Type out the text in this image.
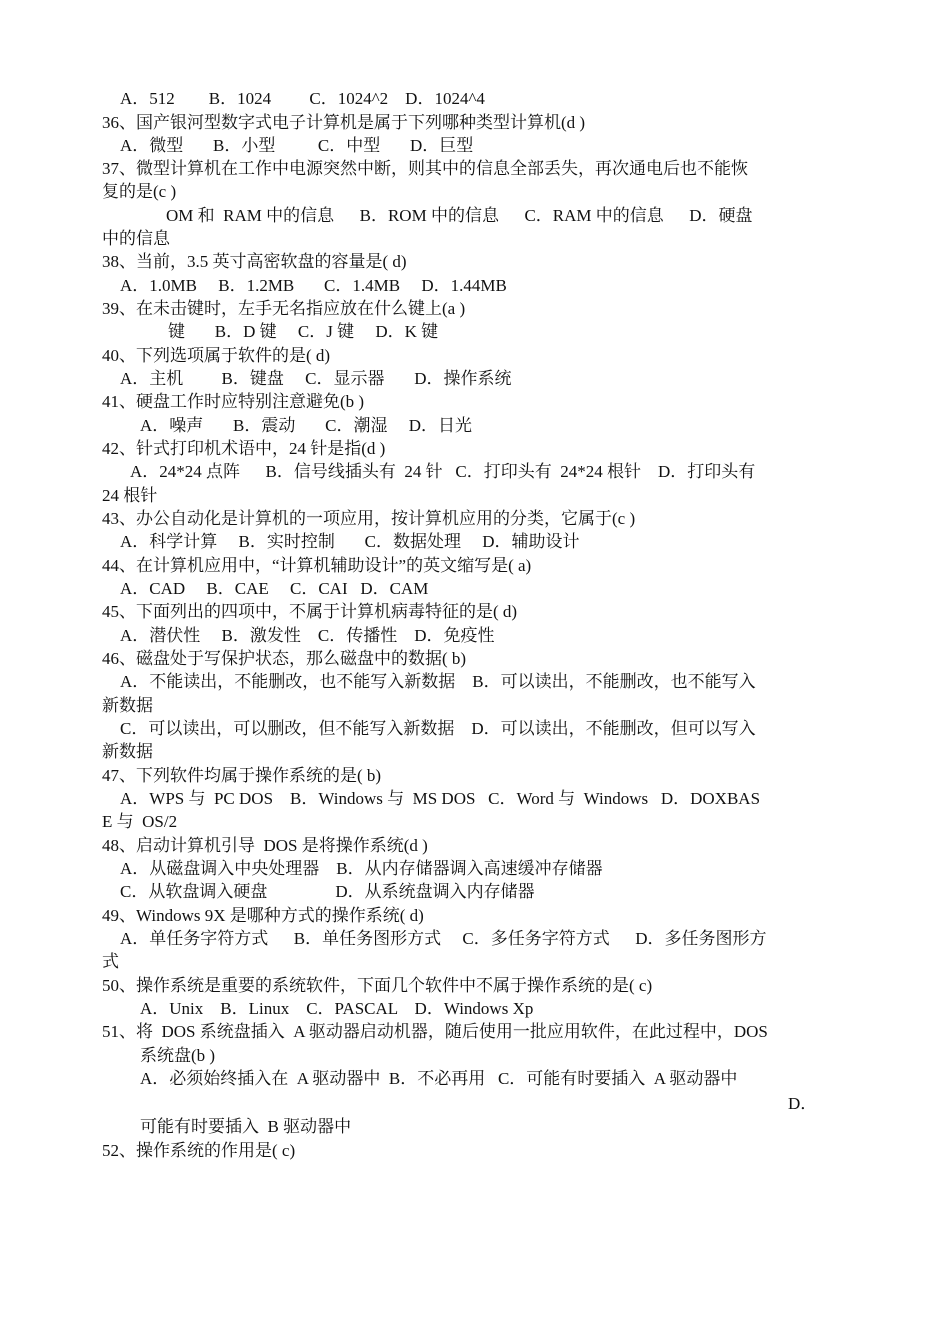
A．512        B．1024         C．1024^2    D．1024^4
36、国产银河型数字式电子计算机是属于下列哪种类型计算机(d )
A．微型       B．小型          C．中型       D．巨型
37、微型计算机在工作中电源突然中断，则其中的信息全部丢失，再次通电后也不能恢
复的是(c )
OM 和  RAM 中的信息      B．ROM 中的信息      C．RAM 中的信息      D．硬盘
中的信息
38、当前，3.5 英寸高密软盘的容量是( d)
A．1.0MB     B．1.2MB       C．1.4MB     D．1.44MB
39、在未击键时，左手无名指应放在什么键上(a )
键       B．D 键     C．J 键     D．K 键
40、下列选项属于软件的是( d)
A．主机         B．键盘     C．显示器       D．操作系统
41、硬盘工作时应特别注意避免(b )
A．噪声       B．震动       C．潮湿     D．日光
42、针式打印机术语中，24 针是指(d )
A．24*24 点阵      B．信号线插头有  24 针   C．打印头有  24*24 根针    D．打印头有
24 根针
43、办公自动化是计算机的一项应用，按计算机应用的分类，它属于(c )
A．科学计算     B．实时控制       C．数据处理     D．辅助设计
44、在计算机应用中，“计算机辅助设计”的英文缩写是( a)
A．CAD     B．CAE     C．CAI   D．CAM
45、下面列出的四项中，不属于计算机病毒特征的是( d)
A．潜伏性     B．激发性    C．传播性    D．免疫性
46、磁盘处于写保护状态，那么磁盘中的数据( b)
A．不能读出，不能删改，也不能写入新数据    B．可以读出，不能删改，也不能写入
新数据
C．可以读出，可以删改，但不能写入新数据    D．可以读出，不能删改，但可以写入
新数据
47、下列软件均属于操作系统的是( b)
A．WPS 与  PC DOS    B．Windows 与  MS DOS   C．Word 与  Windows   D．DOXBAS
E 与  OS/2
48、启动计算机引导  DOS 是将操作系统(d )
A．从磁盘调入中央处理器    B．从内存储器调入高速缓冲存储器
C．从软盘调入硬盘                D．从系统盘调入内存储器
49、Windows 9X 是哪种方式的操作系统( d)
A．单任务字符方式      B．单任务图形方式     C．多任务字符方式      D．多任务图形方
式
50、操作系统是重要的系统软件，下面几个软件中不属于操作系统的是( c)
A．Unix    B．Linux    C．PASCAL    D．Windows Xp
51、将  DOS 系统盘插入  A 驱动器启动机器，随后使用一批应用软件，在此过程中，DOS
系统盘(b )
A．必须始终插入在  A 驱动器中  B．不必再用   C．可能有时要插入  A 驱动器中
D．
可能有时要插入  B 驱动器中
52、操作系统的作用是( c)
